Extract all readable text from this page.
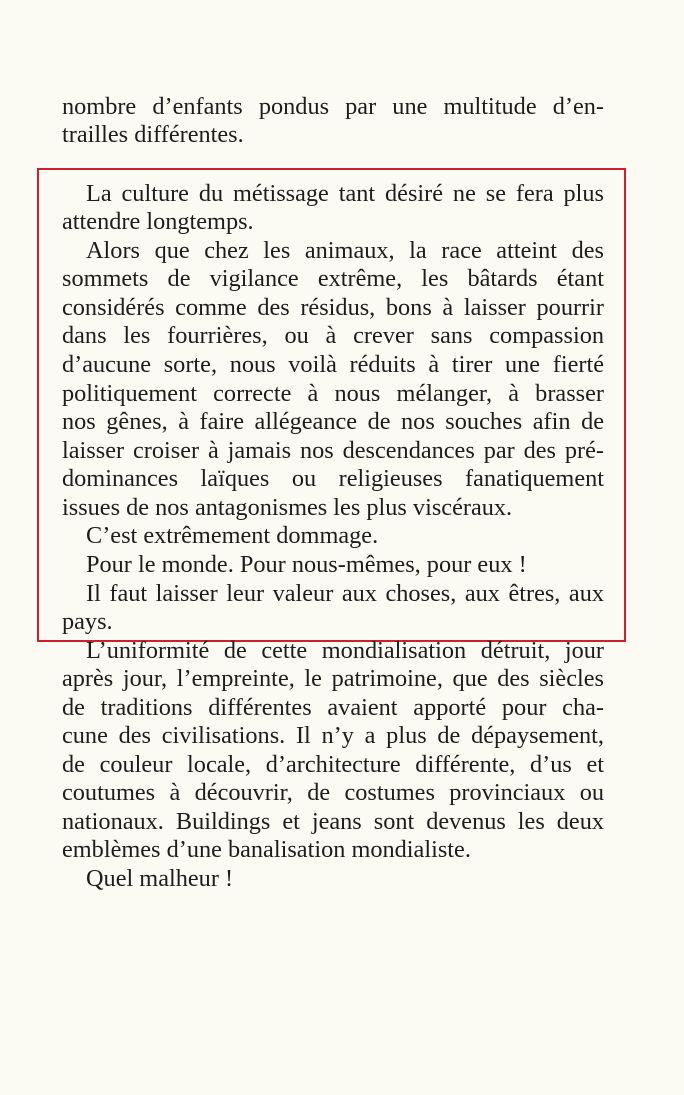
nombre d’enfants pondus par une multitude d’en-
trailles différentes.
La culture du métissage tant désiré ne se fera plus
attendre longtemps.
Alors que chez les animaux, la race atteint des
sommets de vigilance extrême, les bâtards étant
considérés comme des résidus, bons à laisser pourrir
dans les fourrières, ou à crever sans compassion
d’aucune sorte, nous voilà réduits à tirer une fierté
politiquement correcte à nous mélanger, à brasser
nos gênes, à faire allégeance de nos souches afin de
laisser croiser à jamais nos descendances par des pré-
dominances laïques ou religieuses fanatiquement
issues de nos antagonismes les plus viscéraux.
C’est extrêmement dommage.
Pour le monde. Pour nous-mêmes, pour eux !
Il faut laisser leur valeur aux choses, aux êtres, aux
pays.
L’uniformité de cette mondialisation détruit, jour
après jour, l’empreinte, le patrimoine, que des siècles
de traditions différentes avaient apporté pour cha-
cune des civilisations. Il n’y a plus de dépaysement,
de couleur locale, d’architecture différente, d’us et
coutumes à découvrir, de costumes provinciaux ou
nationaux. Buildings et jeans sont devenus les deux
emblèmes d’une banalisation mondialiste.
Quel malheur !
